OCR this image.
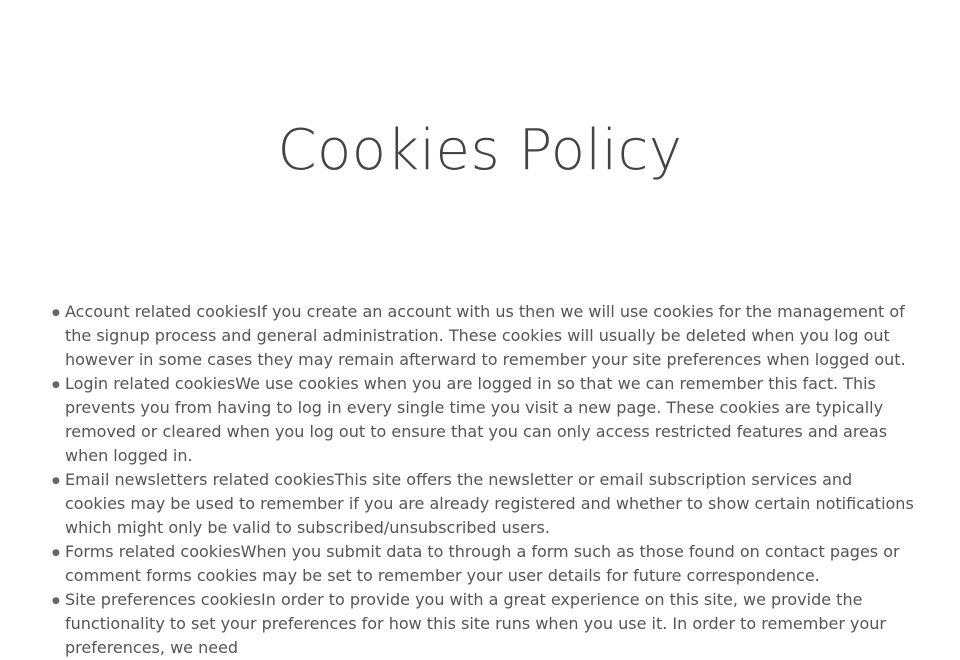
Cookies Policy
● Account related cookiesIf you create an account with us then we will use cookies for the management of the signup process and general administration. These cookies will usually be deleted when you log out however in some cases they may remain afterward to remember your site preferences when logged out.
● Login related cookiesWe use cookies when you are logged in so that we can remember this fact. This prevents you from having to log in every single time you visit a new page. These cookies are typically removed or cleared when you log out to ensure that you can only access restricted features and areas when logged in.
● Email newsletters related cookiesThis site offers the newsletter or email subscription services and cookies may be used to remember if you are already registered and whether to show certain notifications which might only be valid to subscribed/unsubscribed users.
● Forms related cookiesWhen you submit data to through a form such as those found on contact pages or comment forms cookies may be set to remember your user details for future correspondence.
● Site preferences cookiesIn order to provide you with a great experience on this site, we provide the functionality to set your preferences for how this site runs when you use it. In order to remember your preferences, we need
